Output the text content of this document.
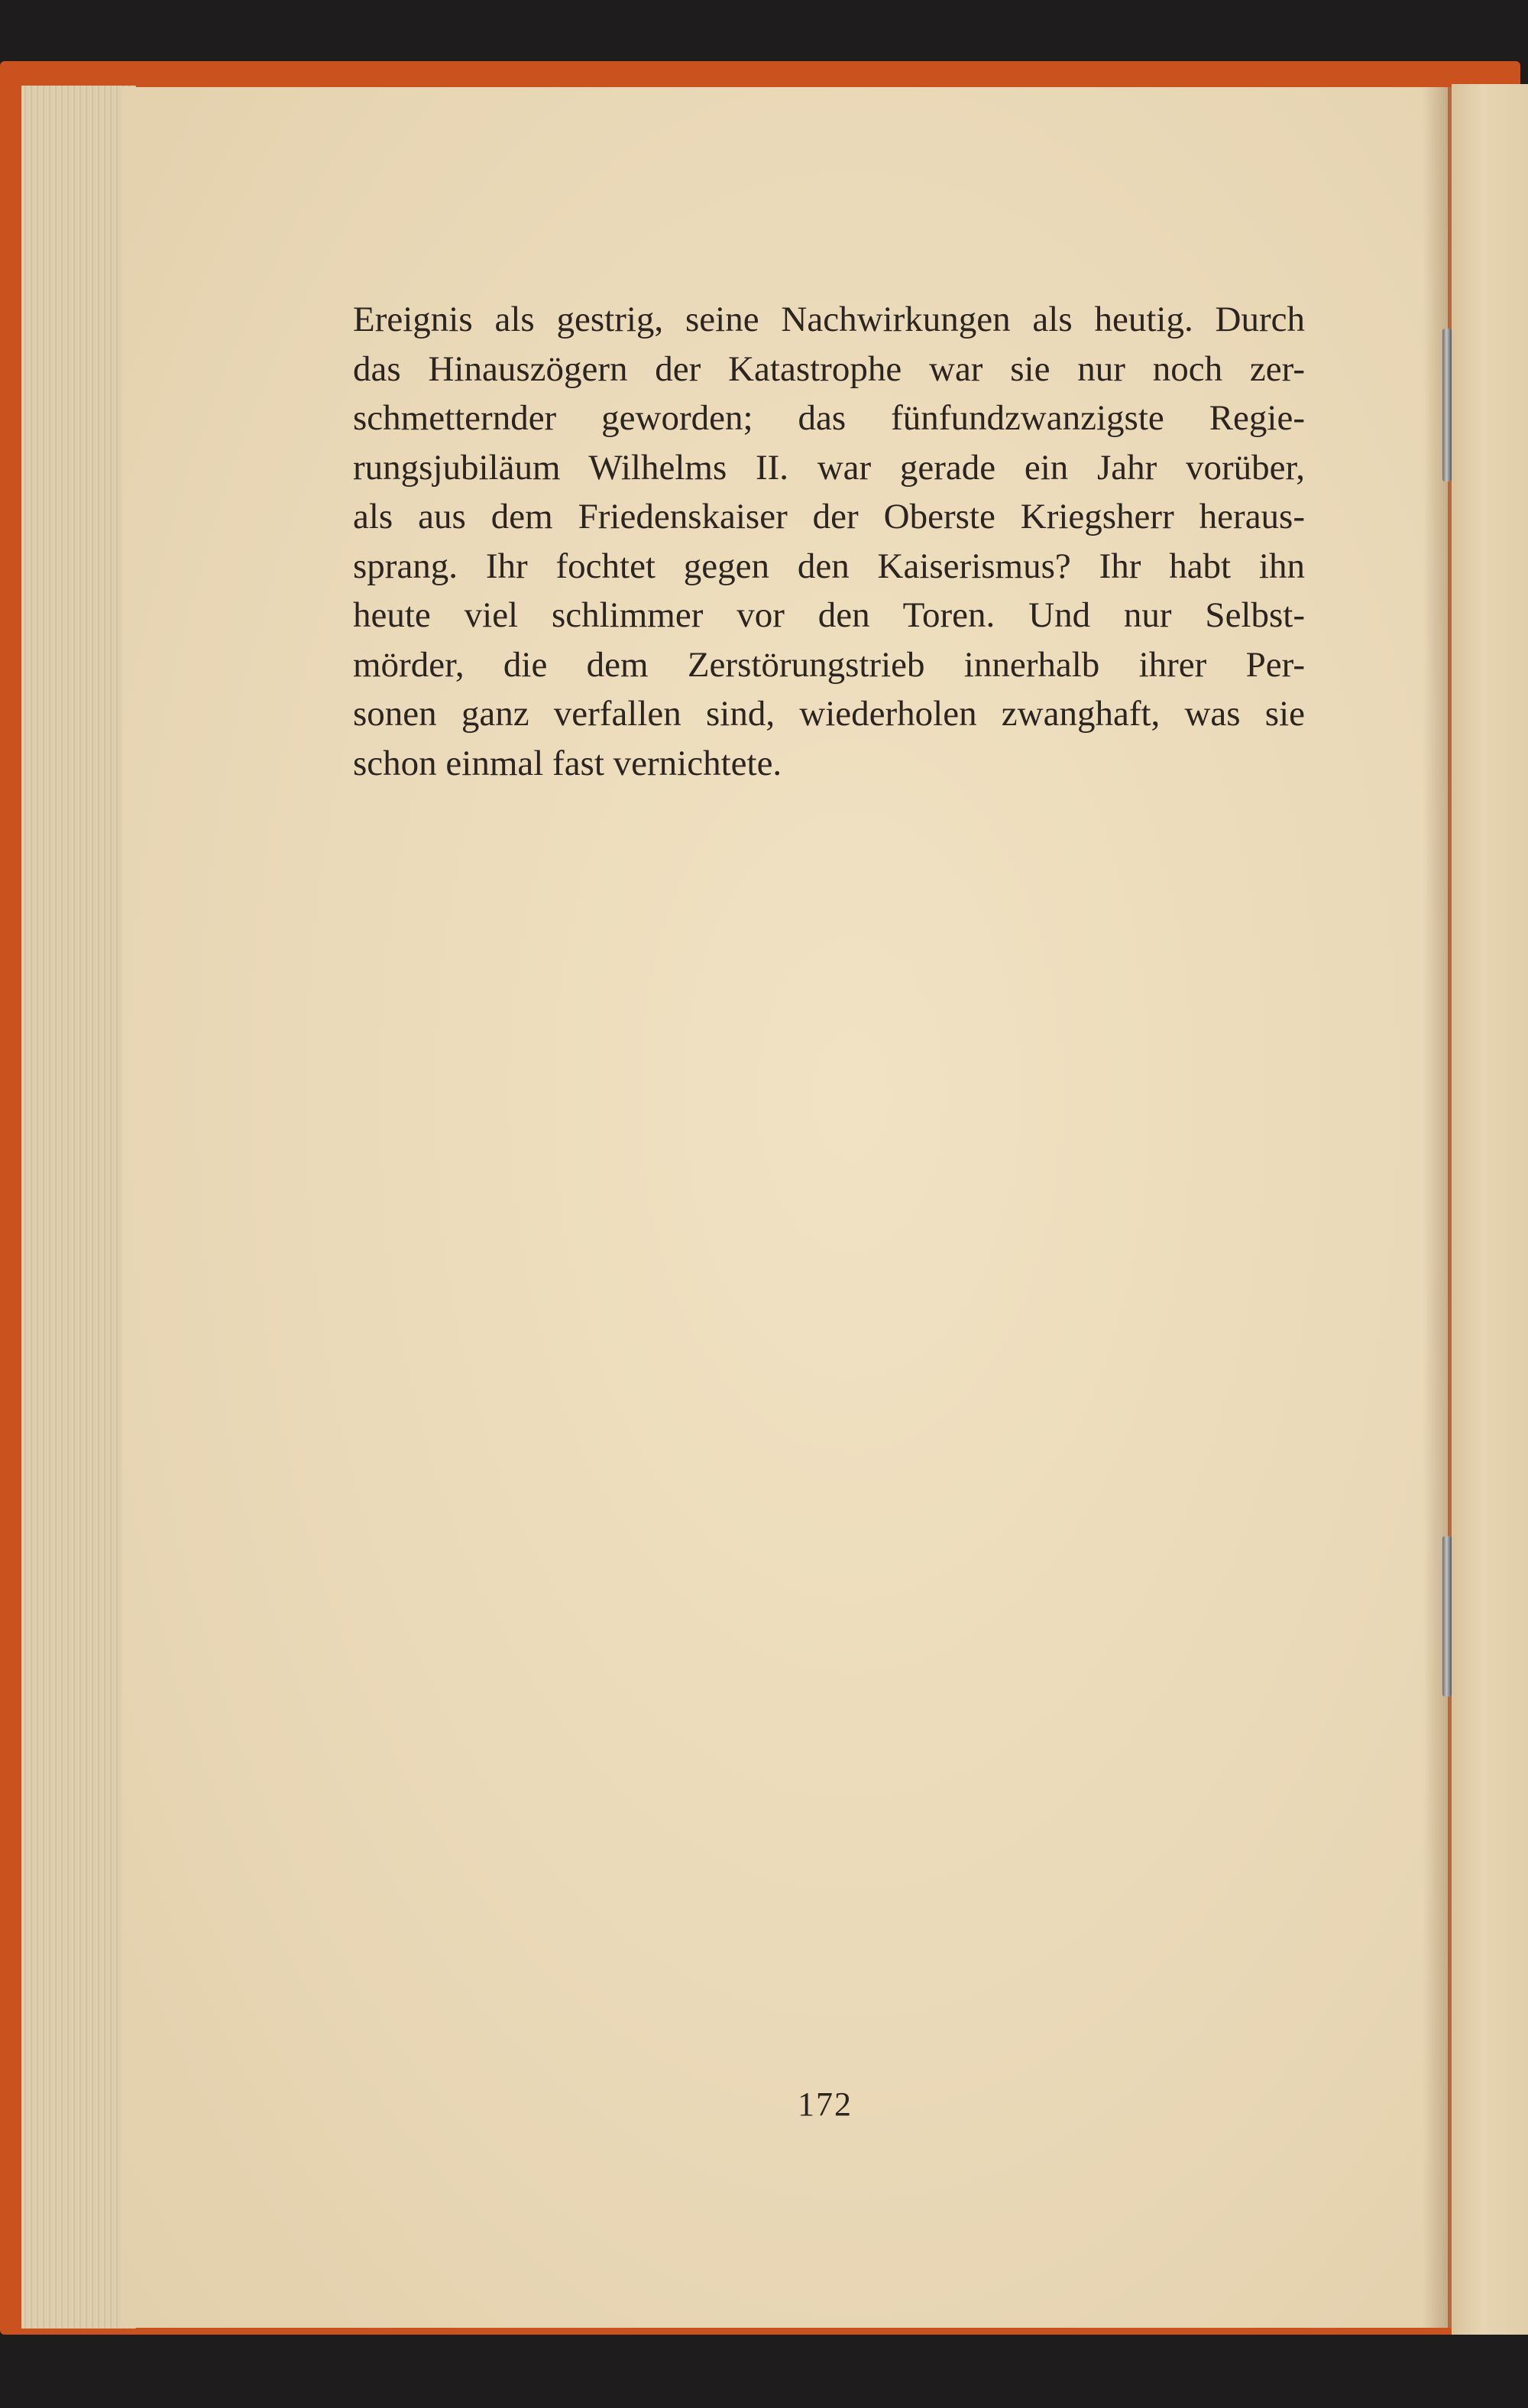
Ereignis als gestrig, seine Nachwirkungen als heutig. Durch
das Hinauszögern der Katastrophe war sie nur noch zer-
schmetternder geworden; das fünfundzwanzigste Regie-
rungsjubiläum Wilhelms II. war gerade ein Jahr vorüber,
als aus dem Friedenskaiser der Oberste Kriegsherr heraus-
sprang. Ihr fochtet gegen den Kaiserismus? Ihr habt ihn
heute viel schlimmer vor den Toren. Und nur Selbst-
mörder, die dem Zerstörungstrieb innerhalb ihrer Per-
sonen ganz verfallen sind, wiederholen zwanghaft, was sie
schon einmal fast vernichtete.
172
